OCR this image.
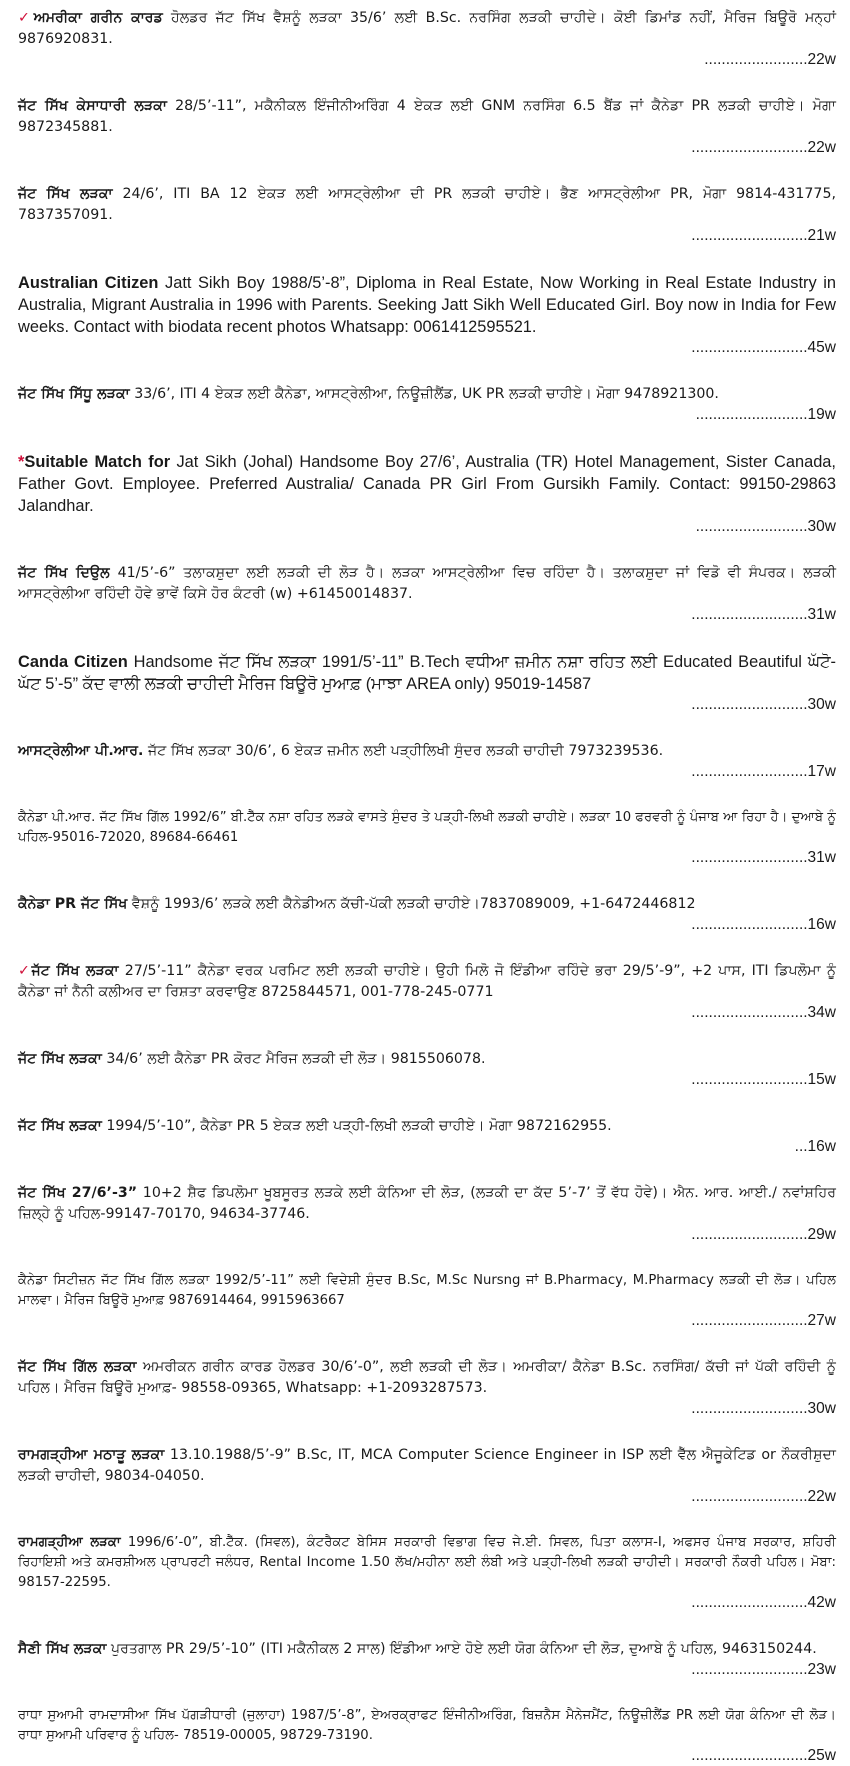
✓ਅਮਰੀਕਾ ਗਰੀਨ ਕਾਰਡ ਹੋਲਡਰ ਜੱਟ ਸਿੱਖ ਵੈਸ਼ਨੂੰ ਲੜਕਾ 35/6’ ਲਈ B.Sc. ਨਰਸਿੰਗ ਲੜਕੀ ਚਾਹੀਦੇ। ਕੋਈ ਡਿਮਾਂਡ ਨਹੀਂ, ਮੈਰਿਜ ਬਿਊਰੋ ਮਨ੍ਹਾਂ 9876920831.
........................22w
ਜੱਟ ਸਿੱਖ ਕੇਸਾਧਾਰੀ ਲੜਕਾ 28/5’-11”, ਮਕੈਨੀਕਲ ਇੰਜੀਨੀਅਰਿੰਗ 4 ਏਕੜ ਲਈ GNM ਨਰਸਿੰਗ 6.5 ਬੈਂਡ ਜਾਂ ਕੈਨੇਡਾ PR ਲੜਕੀ ਚਾਹੀਏ। ਮੋਗਾ 9872345881.
...........................22w
ਜੱਟ ਸਿੱਖ ਲੜਕਾ 24/6’, ITI BA 12 ਏਕੜ ਲਈ ਆਸਟ੍ਰੇਲੀਆ ਦੀ PR ਲੜਕੀ ਚਾਹੀਏ। ਭੈਣ ਆਸਟ੍ਰੇਲੀਆ PR, ਮੋਗਾ 9814-431775, 7837357091.
...........................21w
Australian Citizen Jatt Sikh Boy 1988/5’-8”, Diploma in Real Estate, Now Working in Real Estate Industry in Australia, Migrant Australia in 1996 with Parents. Seeking Jatt Sikh Well Educated Girl. Boy now in India for Few weeks. Contact with biodata recent photos Whatsapp: 0061412595521.
...........................45w
ਜੱਟ ਸਿੱਖ ਸਿੱਧੂ ਲੜਕਾ 33/6’, ITI 4 ਏਕੜ ਲਈ ਕੈਨੇਡਾ, ਆਸਟ੍ਰੇਲੀਆ, ਨਿਊਜ਼ੀਲੈਂਡ, UK PR ਲੜਕੀ ਚਾਹੀਏ। ਮੋਗਾ 9478921300.
..........................19w
*Suitable Match for Jat Sikh (Johal) Handsome Boy 27/6’, Australia (TR) Hotel Management, Sister Canada, Father Govt. Employee. Preferred Australia/ Canada PR Girl From Gursikh Family. Contact: 99150-29863 Jalandhar.
..........................30w
ਜੱਟ ਸਿੱਖ ਦਿਉਲ 41/5’-6” ਤਲਾਕਸ਼ੁਦਾ ਲਈ ਲੜਕੀ ਦੀ ਲੋੜ ਹੈ। ਲੜਕਾ ਆਸਟ੍ਰੇਲੀਆ ਵਿਚ ਰਹਿੰਦਾ ਹੈ। ਤਲਾਕਸ਼ੁਦਾ ਜਾਂ ਵਿਡੋ ਵੀ ਸੰਪਰਕ। ਲੜਕੀ ਆਸਟ੍ਰੇਲੀਆ ਰਹਿੰਦੀ ਹੋਵੇ ਭਾਵੇਂ ਕਿਸੇ ਹੋਰ ਕੰਟਰੀ (w) +61450014837.
...........................31w
Canda Citizen Handsome ਜੱਟ ਸਿੱਖ ਲੜਕਾ 1991/5’-11” B.Tech ਵਧੀਆ ਜ਼ਮੀਨ ਨਸ਼ਾ ਰਹਿਤ ਲਈ Educated Beautiful ਘੱਟੋ-ਘੱਟ 5’-5” ਕੱਦ ਵਾਲੀ ਲੜਕੀ ਚਾਹੀਦੀ ਮੈਰਿਜ ਬਿਊਰੋ ਮੁਆਫ਼ (ਮਾਝਾ AREA only) 95019-14587
...........................30w
ਆਸਟ੍ਰੇਲੀਆ ਪੀ.ਆਰ. ਜੱਟ ਸਿੱਖ ਲੜਕਾ 30/6’, 6 ਏਕੜ ਜ਼ਮੀਨ ਲਈ ਪੜ੍ਹੀਲਿਖੀ ਸੁੰਦਰ ਲੜਕੀ ਚਾਹੀਦੀ 7973239536.
...........................17w
ਕੈਨੇਡਾ ਪੀ.ਆਰ. ਜੱਟ ਸਿੱਖ ਗਿੱਲ 1992/6” ਬੀ.ਟੈੱਕ ਨਸ਼ਾ ਰਹਿਤ ਲੜਕੇ ਵਾਸਤੇ ਸੁੰਦਰ ਤੇ ਪੜ੍ਹੀ-ਲਿਖੀ ਲੜਕੀ ਚਾਹੀਏ। ਲੜਕਾ 10 ਫਰਵਰੀ ਨੂੰ ਪੰਜਾਬ ਆ ਰਿਹਾ ਹੈ। ਦੁਆਬੇ ਨੂੰ ਪਹਿਲ-95016-72020, 89684-66461
...........................31w
ਕੈਨੇਡਾ PR ਜੱਟ ਸਿੱਖ ਵੈਸ਼ਨੂੰ 1993/6’ ਲੜਕੇ ਲਈ ਕੈਨੇਡੀਅਨ ਕੱਚੀ-ਪੱਕੀ ਲੜਕੀ ਚਾਹੀਏ।7837089009, +1-6472446812
...........................16w
✓ਜੱਟ ਸਿੱਖ ਲੜਕਾ 27/5’-11” ਕੈਨੇਡਾ ਵਰਕ ਪਰਮਿਟ ਲਈ ਲੜਕੀ ਚਾਹੀਏ। ਉਹੀ ਮਿਲੋ ਜੋ ਇੰਡੀਆ ਰਹਿੰਦੇ ਭਰਾ 29/5’-9”, +2 ਪਾਸ, ITI ਡਿਪਲੋਮਾ ਨੂੰ ਕੈਨੇਡਾ ਜਾਂ ਨੈਨੀ ਕਲੀਅਰ ਦਾ ਰਿਸ਼ਤਾ ਕਰਵਾਉਣ 8725844571, 001-778-245-0771
...........................34w
ਜੱਟ ਸਿੱਖ ਲੜਕਾ 34/6’ ਲਈ ਕੈਨੇਡਾ PR ਕੋਰਟ ਮੈਰਿਜ ਲੜਕੀ ਦੀ ਲੋੜ। 9815506078.
...........................15w
ਜੱਟ ਸਿੱਖ ਲੜਕਾ 1994/5’-10”, ਕੈਨੇਡਾ PR 5 ਏਕੜ ਲਈ ਪੜ੍ਹੀ-ਲਿਖੀ ਲੜਕੀ ਚਾਹੀਏ। ਮੋਗਾ 9872162955.
...16w
ਜੱਟ ਸਿੱਖ 27/6’-3” 10+2 ਸ਼ੈਫ ਡਿਪਲੋਮਾ ਖੂਬਸੂਰਤ ਲੜਕੇ ਲਈ ਕੰਨਿਆ ਦੀ ਲੋੜ, (ਲੜਕੀ ਦਾ ਕੱਦ 5’-7’ ਤੋਂ ਵੱਧ ਹੋਵੇ)। ਐਨ. ਆਰ. ਆਈ./ ਨਵਾਂਸ਼ਹਿਰ ਜ਼ਿਲ੍ਹੇ ਨੂੰ ਪਹਿਲ-99147-70170, 94634-37746.
...........................29w
ਕੈਨੇਡਾ ਸਿਟੀਜ਼ਨ ਜੱਟ ਸਿੱਖ ਗਿੱਲ ਲੜਕਾ 1992/5’-11” ਲਈ ਵਿਦੇਸ਼ੀ ਸੁੰਦਰ B.Sc, M.Sc Nursng ਜਾਂ B.Pharmacy, M.Pharmacy ਲੜਕੀ ਦੀ ਲੋੜ। ਪਹਿਲ ਮਾਲਵਾ। ਮੈਰਿਜ ਬਿਊਰੋ ਮੁਆਫ਼ 9876914464, 9915963667
...........................27w
ਜੱਟ ਸਿੱਖ ਗਿੱਲ ਲੜਕਾ ਅਮਰੀਕਨ ਗਰੀਨ ਕਾਰਡ ਹੋਲਡਰ 30/6’-0”, ਲਈ ਲੜਕੀ ਦੀ ਲੋੜ। ਅਮਰੀਕਾ/ ਕੈਨੇਡਾ B.Sc. ਨਰਸਿੰਗ/ ਕੱਚੀ ਜਾਂ ਪੱਕੀ ਰਹਿੰਦੀ ਨੂੰ ਪਹਿਲ। ਮੈਰਿਜ ਬਿਊਰੋ ਮੁਆਫ਼- 98558-09365, Whatsapp: +1-2093287573.
...........................30w
ਰਾਮਗੜ੍ਹੀਆ ਮਠਾੜੂ ਲੜਕਾ 13.10.1988/5’-9” B.Sc, IT, MCA Computer Science Engineer in ISP ਲਈ ਵੈੱਲ ਐਜੂਕੇਟਿਡ or ਨੌਕਰੀਸ਼ੁਦਾ ਲੜਕੀ ਚਾਹੀਦੀ, 98034-04050.
...........................22w
ਰਾਮਗੜ੍ਹੀਆ ਲੜਕਾ 1996/6’-0”, ਬੀ.ਟੈੱਕ. (ਸਿਵਲ), ਕੰਟਰੈਕਟ ਬੇਸਿਸ ਸਰਕਾਰੀ ਵਿਭਾਗ ਵਿਚ ਜੇ.ਈ. ਸਿਵਲ, ਪਿਤਾ ਕਲਾਸ-I, ਅਫਸਰ ਪੰਜਾਬ ਸਰਕਾਰ, ਸ਼ਹਿਰੀ ਰਿਹਾਇਸ਼ੀ ਅਤੇ ਕਮਰਸ਼ੀਅਲ ਪ੍ਰਾਪਰਟੀ ਜਲੰਧਰ, Rental Income 1.50 ਲੱਖ/ਮਹੀਨਾ ਲਈ ਲੰਬੀ ਅਤੇ ਪੜ੍ਹੀ-ਲਿਖੀ ਲੜਕੀ ਚਾਹੀਦੀ। ਸਰਕਾਰੀ ਨੌਕਰੀ ਪਹਿਲ। ਮੋਬਾ: 98157-22595.
...........................42w
ਸੈਣੀ ਸਿੱਖ ਲੜਕਾ ਪੁਰਤਗਾਲ PR 29/5’-10” (ITI ਮਕੈਨੀਕਲ 2 ਸਾਲ) ਇੰਡੀਆ ਆਏ ਹੋਏ ਲਈ ਯੋਗ ਕੰਨਿਆ ਦੀ ਲੋੜ, ਦੁਆਬੇ ਨੂੰ ਪਹਿਲ, 9463150244.
...........................23w
ਰਾਧਾ ਸੁਆਮੀ ਰਾਮਦਾਸੀਆ ਸਿੱਖ ਪੱਗੜੀਧਾਰੀ (ਜੁਲਾਹਾ) 1987/5’-8”, ਏਅਰਕ੍ਰਾਫਟ ਇੰਜੀਨੀਅਰਿੰਗ, ਬਿਜ਼ਨੈਸ ਮੈਨੇਜਮੈਂਟ, ਨਿਊਜ਼ੀਲੈਂਡ PR ਲਈ ਯੋਗ ਕੰਨਿਆ ਦੀ ਲੋੜ। ਰਾਧਾ ਸੁਆਮੀ ਪਰਿਵਾਰ ਨੂੰ ਪਹਿਲ- 78519-00005, 98729-73190.
...........................25w
